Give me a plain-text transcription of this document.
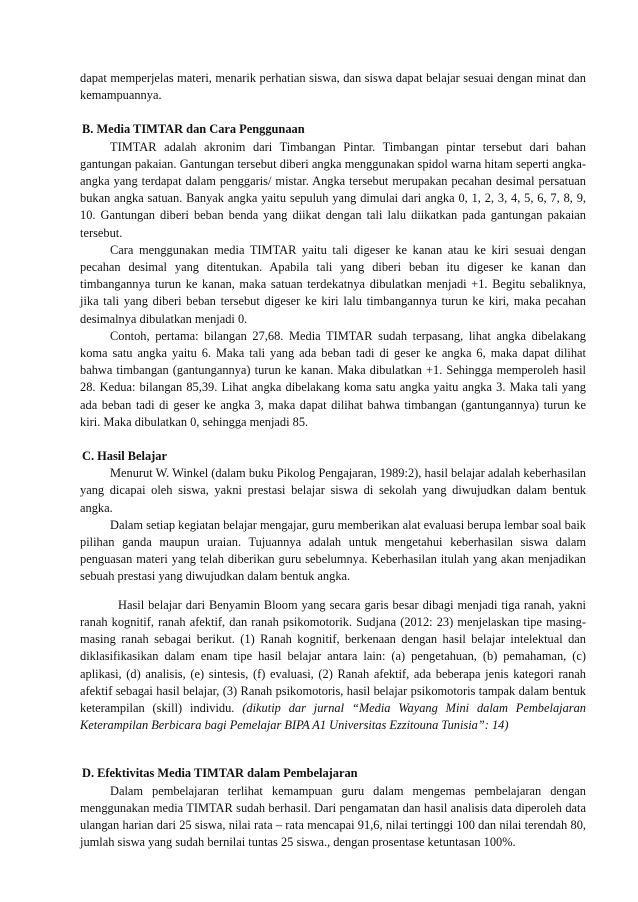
dapat memperjelas materi, menarik perhatian siswa, dan siswa dapat belajar sesuai dengan minat dan kemampuannya.

B. Media TIMTAR dan Cara Penggunaan

TIMTAR adalah akronim dari Timbangan Pintar. Timbangan pintar tersebut dari bahan gantungan pakaian. Gantungan tersebut diberi angka menggunakan spidol warna hitam seperti angka-angka yang terdapat dalam penggaris/ mistar. Angka tersebut merupakan pecahan desimal persatuan bukan angka satuan. Banyak angka yaitu sepuluh yang dimulai dari angka 0, 1, 2, 3, 4, 5, 6, 7, 8, 9, 10. Gantungan diberi beban benda yang diikat dengan tali lalu diikatkan pada gantungan pakaian tersebut.

Cara menggunakan media TIMTAR yaitu tali digeser ke kanan atau ke kiri sesuai dengan pecahan desimal yang ditentukan. Apabila tali yang diberi beban itu digeser ke kanan dan timbangannya turun ke kanan, maka satuan terdekatnya dibulatkan menjadi +1. Begitu sebaliknya, jika tali yang diberi beban tersebut digeser ke kiri lalu timbangannya turun ke kiri, maka pecahan desimalnya dibulatkan menjadi 0.

Contoh, pertama: bilangan 27,68. Media TIMTAR sudah terpasang, lihat angka dibelakang koma satu angka yaitu 6. Maka tali yang ada beban tadi di geser ke angka 6, maka dapat dilihat bahwa timbangan (gantungannya) turun ke kanan. Maka dibulatkan +1. Sehingga memperoleh hasil 28. Kedua: bilangan 85,39. Lihat angka dibelakang koma satu angka yaitu angka 3. Maka tali yang ada beban tadi di geser ke angka 3, maka dapat dilihat bahwa timbangan (gantungannya) turun ke kiri. Maka dibulatkan 0, sehingga menjadi 85.

C. Hasil Belajar

Menurut W. Winkel (dalam buku Pikolog Pengajaran, 1989:2), hasil belajar adalah keberhasilan yang dicapai oleh siswa, yakni prestasi belajar siswa di sekolah yang diwujudkan dalam bentuk angka.

Dalam setiap kegiatan belajar mengajar, guru memberikan alat evaluasi berupa lembar soal baik pilihan ganda maupun uraian. Tujuannya adalah untuk mengetahui keberhasilan siswa dalam penguasan materi yang telah diberikan guru sebelumnya. Keberhasilan itulah yang akan menjadikan sebuah prestasi yang diwujudkan dalam bentuk angka.

Hasil belajar dari Benyamin Bloom yang secara garis besar dibagi menjadi tiga ranah, yakni ranah kognitif, ranah afektif, dan ranah psikomotorik. Sudjana (2012: 23) menjelaskan tipe masing-masing ranah sebagai berikut. (1) Ranah kognitif, berkenaan dengan hasil belajar intelektual dan diklasifikasikan dalam enam tipe hasil belajar antara lain: (a) pengetahuan, (b) pemahaman, (c) aplikasi, (d) analisis, (e) sintesis, (f) evaluasi, (2) Ranah afektif, ada beberapa jenis kategori ranah afektif sebagai hasil belajar, (3) Ranah psikomotoris, hasil belajar psikomotoris tampak dalam bentuk keterampilan (skill) individu. (dikutip dar jurnal “Media Wayang Mini dalam Pembelajaran Keterampilan Berbicara bagi Pemelajar BIPA A1 Universitas Ezzitouna Tunisia”: 14)

D. Efektivitas Media TIMTAR dalam Pembelajaran

Dalam pembelajaran terlihat kemampuan guru dalam mengemas pembelajaran dengan menggunakan media TIMTAR sudah berhasil. Dari pengamatan dan hasil analisis data diperoleh data ulangan harian dari 25 siswa, nilai rata – rata mencapai 91,6, nilai tertinggi 100 dan nilai terendah 80, jumlah siswa yang sudah bernilai tuntas 25 siswa., dengan prosentase ketuntasan 100%.
